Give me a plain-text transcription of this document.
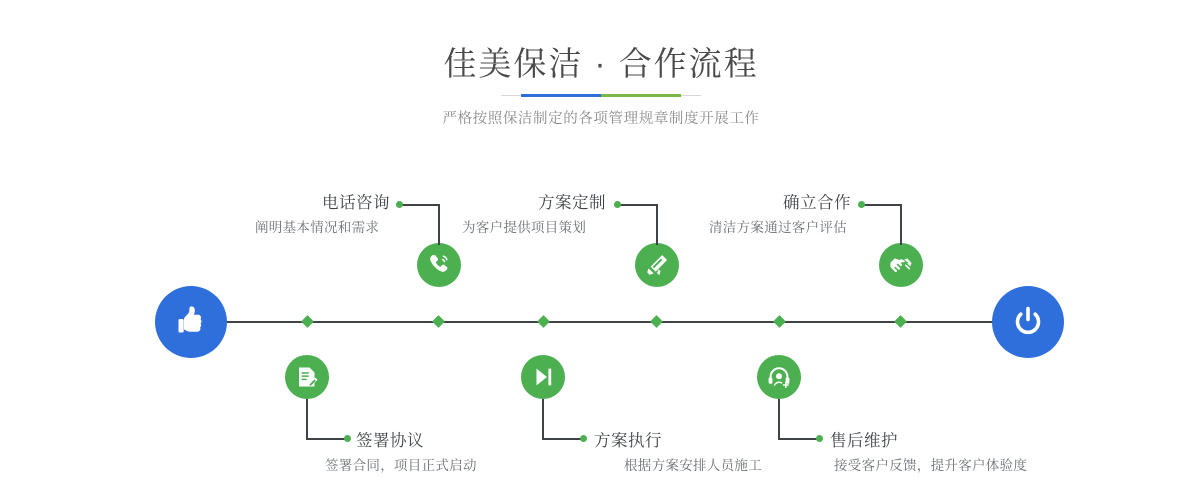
佳美保洁 · 合作流程
严格按照保洁制定的各项管理规章制度开展工作
电话咨询
阐明基本情况和需求
签署协议
签署合同，项目正式启动
方案定制
为客户提供项目策划
方案执行
根据方案安排人员施工
确立合作
清洁方案通过客户评估
售后维护
接受客户反馈，提升客户体验度
